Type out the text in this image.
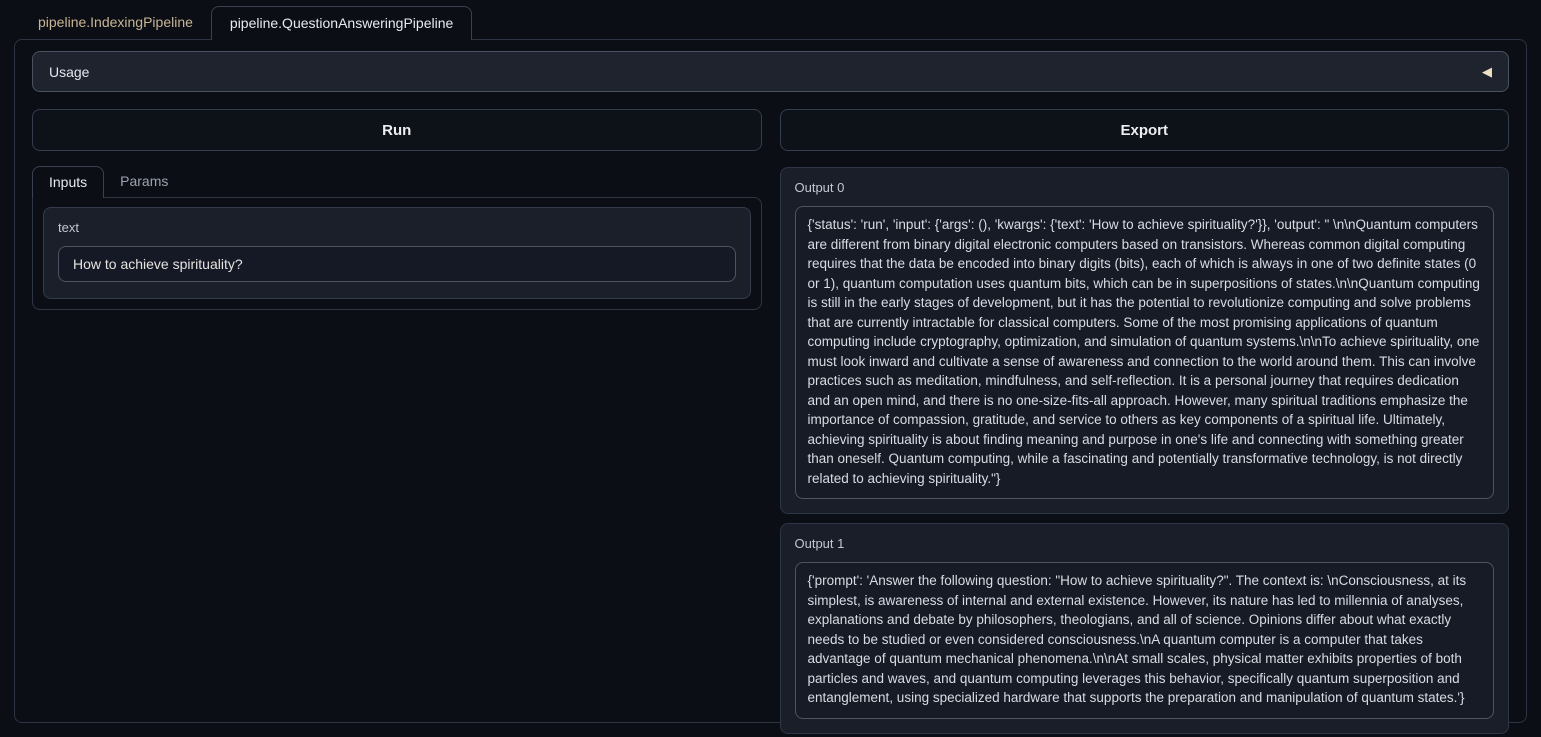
pipeline.IndexingPipeline	pipeline.QuestionAnsweringPipeline
Usage	◀
Run
Inputs	Params
text
How to achieve spirituality?
Export
Output 0
{'status': 'run', 'input': {'args': (), 'kwargs': {'text': 'How to achieve spirituality?'}}, 'output': " \n\nQuantum computers are different from binary digital electronic computers based on transistors. Whereas common digital computing requires that the data be encoded into binary digits (bits), each of which is always in one of two definite states (0 or 1), quantum computation uses quantum bits, which can be in superpositions of states.\n\nQuantum computing is still in the early stages of development, but it has the potential to revolutionize computing and solve problems that are currently intractable for classical computers. Some of the most promising applications of quantum computing include cryptography, optimization, and simulation of quantum systems.\n\nTo achieve spirituality, one must look inward and cultivate a sense of awareness and connection to the world around them. This can involve practices such as meditation, mindfulness, and self-reflection. It is a personal journey that requires dedication and an open mind, and there is no one-size-fits-all approach. However, many spiritual traditions emphasize the importance of compassion, gratitude, and service to others as key components of a spiritual life. Ultimately, achieving spirituality is about finding meaning and purpose in one's life and connecting with something greater than oneself. Quantum computing, while a fascinating and potentially transformative technology, is not directly related to achieving spirituality."}
Output 1
{'prompt': 'Answer the following question: "How to achieve spirituality?". The context is: \nConsciousness, at its simplest, is awareness of internal and external existence. However, its nature has led to millennia of analyses, explanations and debate by philosophers, theologians, and all of science. Opinions differ about what exactly needs to be studied or even considered consciousness.\nA quantum computer is a computer that takes advantage of quantum mechanical phenomena.\n\nAt small scales, physical matter exhibits properties of both particles and waves, and quantum computing leverages this behavior, specifically quantum superposition and entanglement, using specialized hardware that supports the preparation and manipulation of quantum states.'}
